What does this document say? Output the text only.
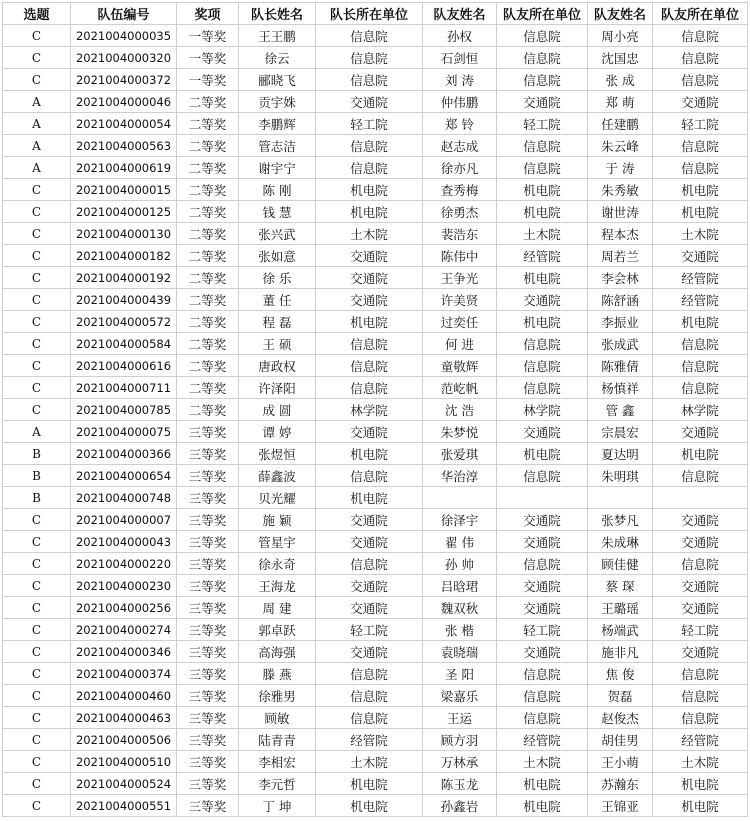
选题	队伍编号	奖项	队长姓名	队长所在单位	队友姓名	队友所在单位	队友姓名	队友所在单位
C	2021004000035	一等奖	王王鹏	信息院	孙权	信息院	周小亮	信息院
C	2021004000320	一等奖	徐云	信息院	石剑恒	信息院	沈国忠	信息院
C	2021004000372	一等奖	郦晓飞	信息院	刘 涛	信息院	张 成	信息院
A	2021004000046	二等奖	贡宇姝	交通院	仲伟鹏	交通院	郑 萌	交通院
A	2021004000054	二等奖	李鹏辉	轻工院	郑 铃	轻工院	任建鹏	轻工院
A	2021004000563	二等奖	管志洁	信息院	赵志成	信息院	朱云峰	信息院
A	2021004000619	二等奖	谢宇宁	信息院	徐亦凡	信息院	于 涛	信息院
C	2021004000015	二等奖	陈 刚	机电院	查秀梅	机电院	朱秀敏	机电院
C	2021004000125	二等奖	钱 慧	机电院	徐勇杰	机电院	谢世涛	机电院
C	2021004000130	二等奖	张兴武	土木院	裴浩东	土木院	程本杰	土木院
C	2021004000182	二等奖	张如意	交通院	陈伟中	经管院	周若兰	交通院
C	2021004000192	二等奖	徐 乐	交通院	王争光	机电院	李会林	经管院
C	2021004000439	二等奖	董 任	交通院	许美贤	交通院	陈舒涵	经管院
C	2021004000572	二等奖	程 磊	机电院	过奕任	机电院	李振业	机电院
C	2021004000584	二等奖	王 硕	信息院	何 进	信息院	张成武	信息院
C	2021004000616	二等奖	唐政权	信息院	童敬辉	信息院	陈雅倩	信息院
C	2021004000711	二等奖	许泽阳	信息院	范屹帆	信息院	杨慎祥	信息院
C	2021004000785	二等奖	成 圆	林学院	沈 浩	林学院	管 鑫	林学院
A	2021004000075	三等奖	谭 婷	交通院	朱梦悦	交通院	宗晨宏	交通院
B	2021004000366	三等奖	张煜恒	机电院	张爱琪	机电院	夏达明	机电院
B	2021004000654	三等奖	薛鑫波	信息院	华治淳	信息院	朱明琪	信息院
B	2021004000748	三等奖	贝光耀	机电院				
C	2021004000007	三等奖	施 颖	交通院	徐泽宇	交通院	张梦凡	交通院
C	2021004000043	三等奖	管星宇	交通院	翟 伟	交通院	朱成琳	交通院
C	2021004000220	三等奖	徐永奇	信息院	孙 帅	信息院	顾佳健	信息院
C	2021004000230	三等奖	王海龙	交通院	吕晗珺	交通院	蔡 琛	交通院
C	2021004000256	三等奖	周 建	交通院	魏双秋	交通院	王璐瑶	交通院
C	2021004000274	三等奖	郭卓跃	轻工院	张 楷	轻工院	杨端武	轻工院
C	2021004000346	三等奖	高海强	交通院	袁晓瑞	交通院	施非凡	交通院
C	2021004000374	三等奖	滕 燕	信息院	圣 阳	信息院	焦 俊	信息院
C	2021004000460	三等奖	徐雅男	信息院	梁嘉乐	信息院	贺磊	信息院
C	2021004000463	三等奖	顾敏	信息院	王运	信息院	赵俊杰	信息院
C	2021004000506	三等奖	陆青青	经管院	顾方羽	经管院	胡佳男	经管院
C	2021004000510	三等奖	李相宏	土木院	万林承	土木院	王小萌	土木院
C	2021004000524	三等奖	李元哲	机电院	陈玉龙	机电院	苏瀚东	机电院
C	2021004000551	三等奖	丁 坤	机电院	孙鑫岩	机电院	王锦亚	机电院
